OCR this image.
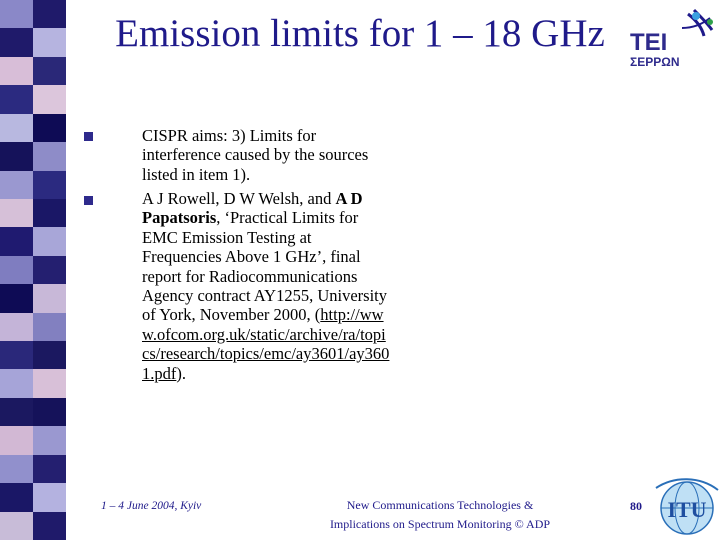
Emission limits for 1 – 18 GHz TEI
ΣΕΡΡΩΝ
CISPR aims: 3) Limits for interference caused by the sources listed in item 1).
A J Rowell, D W Welsh, and A D Papatsoris, ‘Practical Limits for EMC Emission Testing at Frequencies Above 1 GHz’, final report for Radiocommunications Agency contract AY1255, University of York, November 2000, (http://www.ofcom.org.uk/static/archive/ra/topics/research/topics/emc/ay3601/ay3601.pdf).
1 – 4 June 2004, Kyiv	New Communications Technologies &
Implications on Spectrum Monitoring © ADP
80 ITU
